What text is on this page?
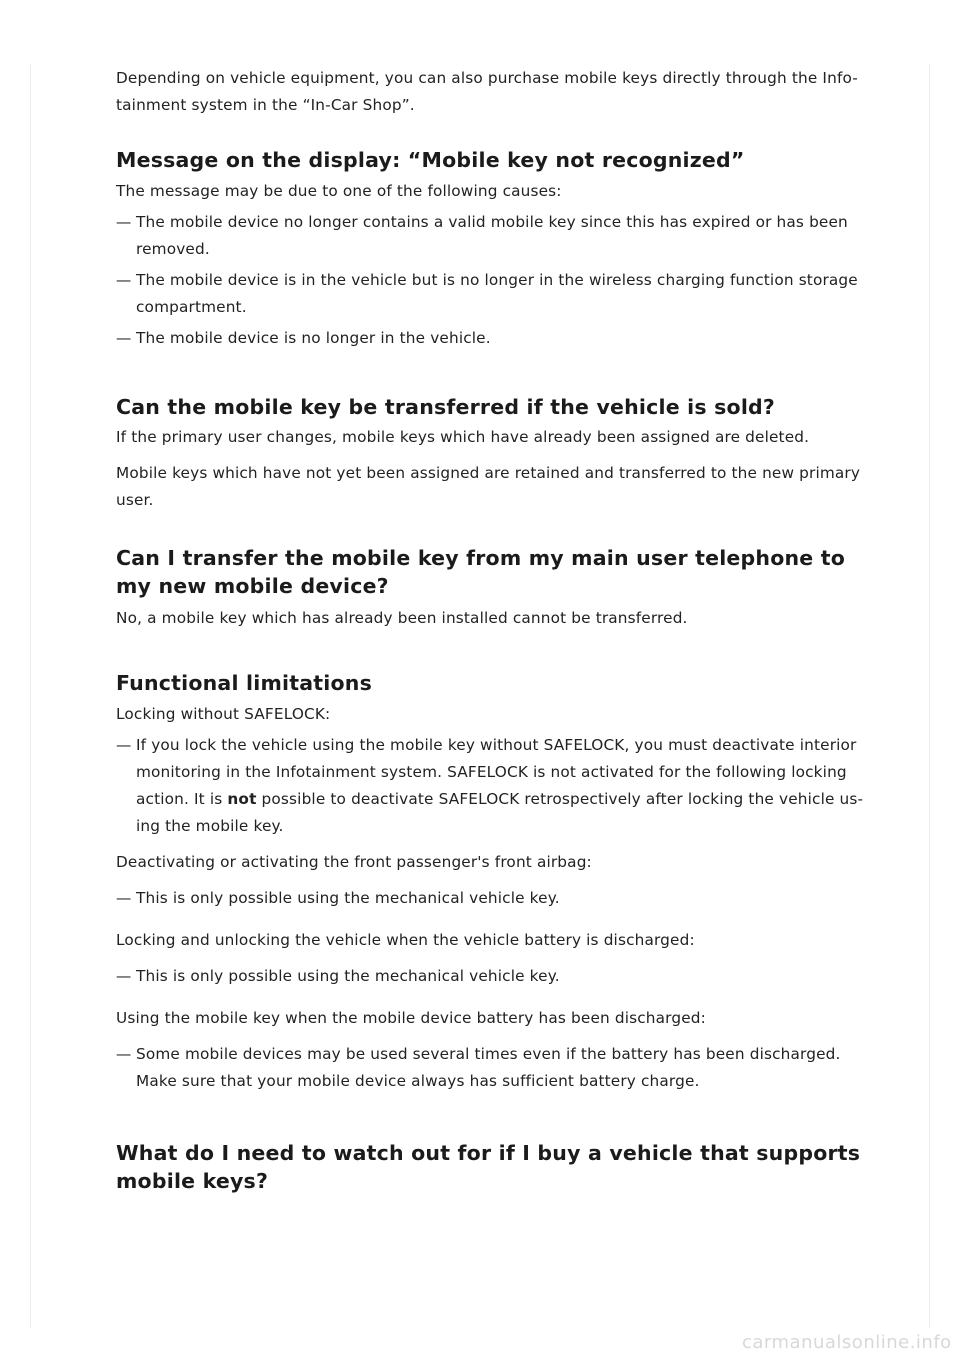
Depending on vehicle equipment, you can also purchase mobile keys directly through the Info-tainment system in the “In-Car Shop”.

Message on the display: “Mobile key not recognized”

The message may be due to one of the following causes:

— The mobile device no longer contains a valid mobile key since this has expired or has been removed.

— The mobile device is in the vehicle but is no longer in the wireless charging function storage compartment.

— The mobile device is no longer in the vehicle.

Can the mobile key be transferred if the vehicle is sold?

If the primary user changes, mobile keys which have already been assigned are deleted.

Mobile keys which have not yet been assigned are retained and transferred to the new primary user.

Can I transfer the mobile key from my main user telephone to my new mobile device?

No, a mobile key which has already been installed cannot be transferred.

Functional limitations

Locking without SAFELOCK:

— If you lock the vehicle using the mobile key without SAFELOCK, you must deactivate interior monitoring in the Infotainment system. SAFELOCK is not activated for the following locking action. It is not possible to deactivate SAFELOCK retrospectively after locking the vehicle us-ing the mobile key.

Deactivating or activating the front passenger's front airbag:

— This is only possible using the mechanical vehicle key.

Locking and unlocking the vehicle when the vehicle battery is discharged:

— This is only possible using the mechanical vehicle key.

Using the mobile key when the mobile device battery has been discharged:

— Some mobile devices may be used several times even if the battery has been discharged. Make sure that your mobile device always has sufficient battery charge.

What do I need to watch out for if I buy a vehicle that supports mobile keys?
carmanualsonline.info
